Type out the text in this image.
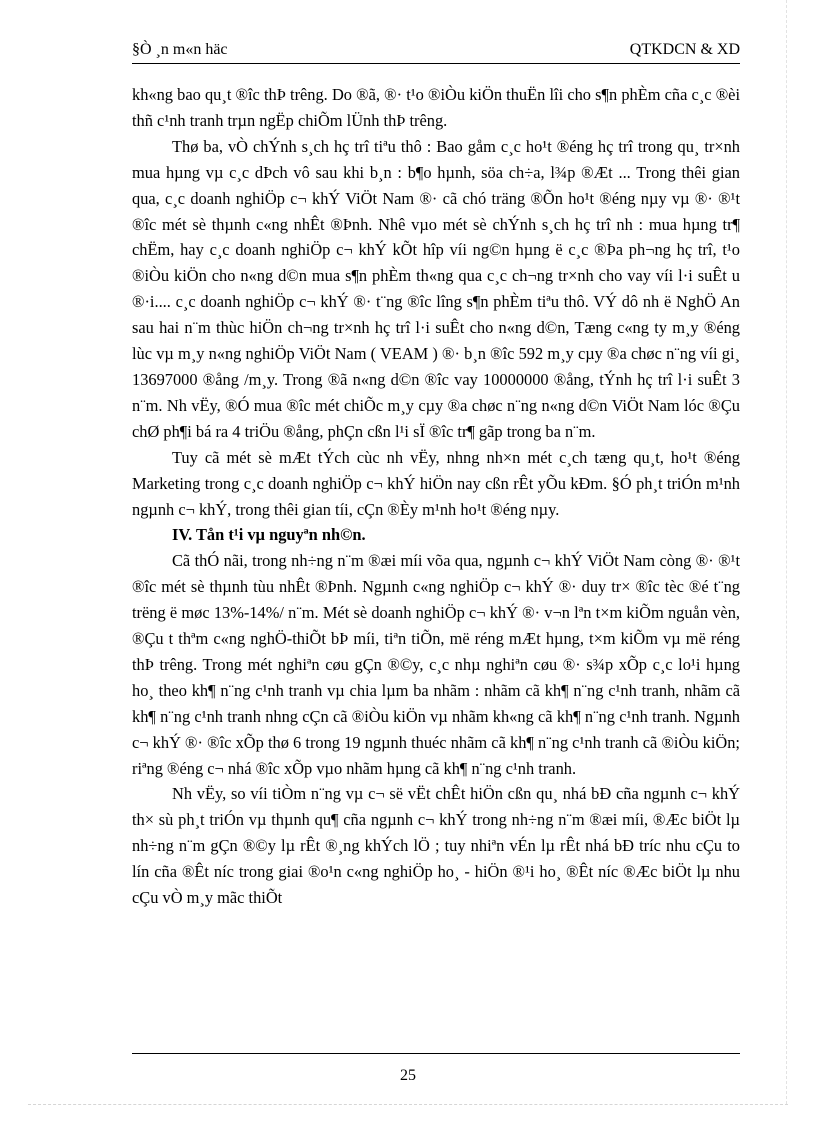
§Ò ¸n m«n häc	QTKDCN & XD

kh«ng bao qu¸t ®îc thÞ trêng. Do ®ã, ®· t¹o ®iÒu kiÖn thuËn lîi cho s¶n phÈm cña c¸c ®èi thñ c¹nh tranh trµn ngËp chiÕm lÜnh thÞ trêng.

Thø ba, vÒ chÝnh s¸ch hç trî tiªu thô : Bao gåm c¸c ho¹t ®éng hç trî trong qu¸ tr×nh mua hµng vµ c¸c dÞch vô sau khi b¸n : b¶o hµnh, söa ch÷a, l¾p ®Æt ... Trong thêi gian qua, c¸c doanh nghiÖp c¬ khÝ ViÖt Nam ®· cã chó träng ®Õn ho¹t ®éng nµy vµ ®· ®¹t ®îc mét sè thµnh c«ng nhÊt ®Þnh. Nhê vµo mét sè chÝnh s¸ch hç trî nh : mua hµng tr¶ chËm, hay c¸c doanh nghiÖp c¬ khÝ kÕt hîp víi ng©n hµng ë c¸c ®Þa ph¬ng hç trî, t¹o ®iÒu kiÖn cho n«ng d©n mua s¶n phÈm th«ng qua c¸c ch¬ng tr×nh cho vay víi l·i suÊt u ®·i.... c¸c doanh nghiÖp c¬ khÝ ®· t¨ng ®îc lîng s¶n phÈm tiªu thô. VÝ dô nh ë NghÖ An sau hai n¨m thùc hiÖn ch¬ng tr×nh hç trî l·i suÊt cho n«ng d©n, Tæng c«ng ty m¸y ®éng lùc vµ m¸y n«ng nghiÖp ViÖt Nam ( VEAM ) ®· b¸n ®îc 592 m¸y cµy ®a chøc n¨ng víi gi¸ 13697000 ®ång /m¸y. Trong ®ã n«ng d©n ®îc vay 10000000 ®ång, tÝnh hç trî l·i suÊt 3 n¨m. Nh vËy, ®Ó mua ®îc mét chiÕc m¸y cµy ®a chøc n¨ng n«ng d©n ViÖt Nam lóc ®Çu chØ ph¶i bá ra 4 triÖu ®ång, phÇn cßn l¹i sÏ ®îc tr¶ gãp trong ba n¨m.

Tuy cã mét sè mÆt tÝch cùc nh vËy, nhng nh×n mét c¸ch tæng qu¸t, ho¹t ®éng Marketing trong c¸c doanh nghiÖp c¬ khÝ hiÖn nay cßn rÊt yÕu kÐm. §Ó ph¸t triÓn m¹nh ngµnh c¬ khÝ, trong thêi gian tíi, cÇn ®Èy m¹nh ho¹t ®éng nµy.

IV. Tån t¹i vµ nguyªn nh©n.

Cã thÓ nãi, trong nh÷ng n¨m ®æi míi võa qua, ngµnh c¬ khÝ ViÖt Nam còng ®· ®¹t ®îc mét sè thµnh tùu nhÊt ®Þnh. Ngµnh c«ng nghiÖp c¬ khÝ ®· duy tr× ®îc tèc ®é t¨ng trëng ë møc 13%-14%/ n¨m. Mét sè doanh nghiÖp c¬ khÝ ®· v¬n lªn t×m kiÕm nguån vèn, ®Çu t thªm c«ng nghÖ-thiÕt bÞ míi, tiªn tiÕn, më réng mÆt hµng, t×m kiÕm vµ më réng thÞ trêng. Trong mét nghiªn cøu gÇn ®©y, c¸c nhµ nghiªn cøu ®· s¾p xÕp c¸c lo¹i hµng ho¸ theo kh¶ n¨ng c¹nh tranh vµ chia lµm ba nhãm : nhãm cã kh¶ n¨ng c¹nh tranh, nhãm cã kh¶ n¨ng c¹nh tranh nhng cÇn cã ®iÒu kiÖn vµ nhãm kh«ng cã kh¶ n¨ng c¹nh tranh. Ngµnh c¬ khÝ ®· ®îc xÕp thø 6 trong 19 ngµnh thuéc nhãm cã kh¶ n¨ng c¹nh tranh cã ®iÒu kiÖn; riªng ®éng c¬ nhá ®îc xÕp vµo nhãm hµng cã kh¶ n¨ng c¹nh tranh.

Nh vËy, so víi tiÒm n¨ng vµ c¬ së vËt chÊt hiÖn cßn qu¸ nhá bÐ cña ngµnh c¬ khÝ th× sù ph¸t triÓn vµ thµnh qu¶ cña ngµnh c¬ khÝ trong nh÷ng n¨m ®æi míi, ®Æc biÖt lµ nh÷ng n¨m gÇn ®©y lµ rÊt ®¸ng khÝch lÖ ; tuy nhiªn vÉn lµ rÊt nhá bÐ tríc nhu cÇu to lín cña ®Êt níc trong giai ®o¹n c«ng nghiÖp ho¸ - hiÖn ®¹i ho¸ ®Êt níc ®Æc biÖt lµ nhu cÇu vÒ m¸y mãc thiÕt

25
